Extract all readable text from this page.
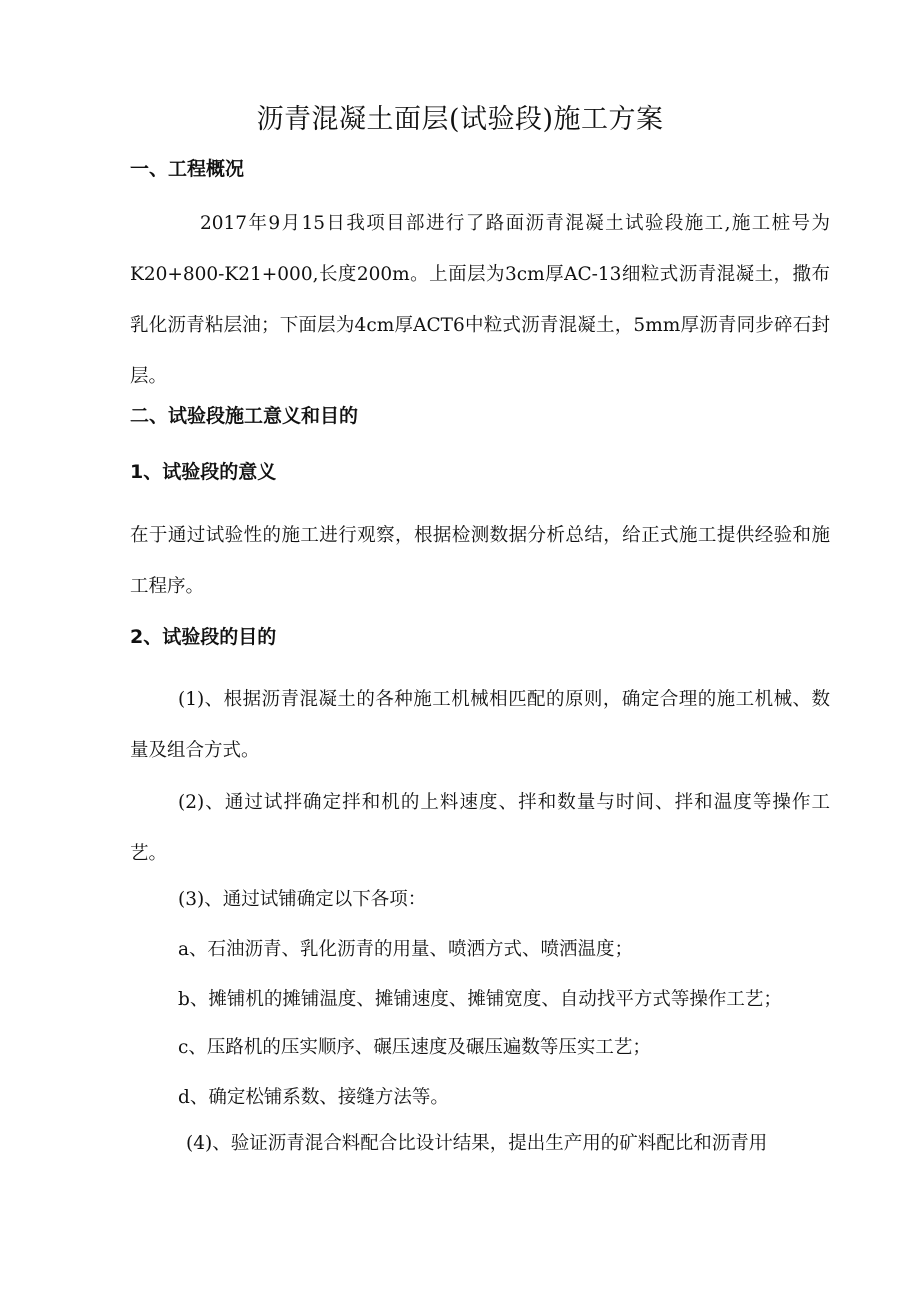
沥青混凝土面层(试验段)施工方案
一、工程概况
2017年9月15日我项目部进行了路面沥青混凝土试验段施工,施工桩号为K20+800-K21+000,长度200m。上面层为3cm厚AC-13细粒式沥青混凝土，撒布乳化沥青粘层油；下面层为4cm厚ACT6中粒式沥青混凝土，5mm厚沥青同步碎石封层。
二、试验段施工意义和目的
1、试验段的意义
在于通过试验性的施工进行观察，根据检测数据分析总结，给正式施工提供经验和施工程序。
2、试验段的目的
(1)、根据沥青混凝土的各种施工机械相匹配的原则，确定合理的施工机械、数量及组合方式。
(2)、通过试拌确定拌和机的上料速度、拌和数量与时间、拌和温度等操作工艺。
(3)、通过试铺确定以下各项：
a、石油沥青、乳化沥青的用量、喷洒方式、喷洒温度；
b、摊铺机的摊铺温度、摊铺速度、摊铺宽度、自动找平方式等操作工艺；
c、压路机的压实顺序、碾压速度及碾压遍数等压实工艺；
d、确定松铺系数、接缝方法等。
(4)、验证沥青混合料配合比设计结果，提出生产用的矿料配比和沥青用
